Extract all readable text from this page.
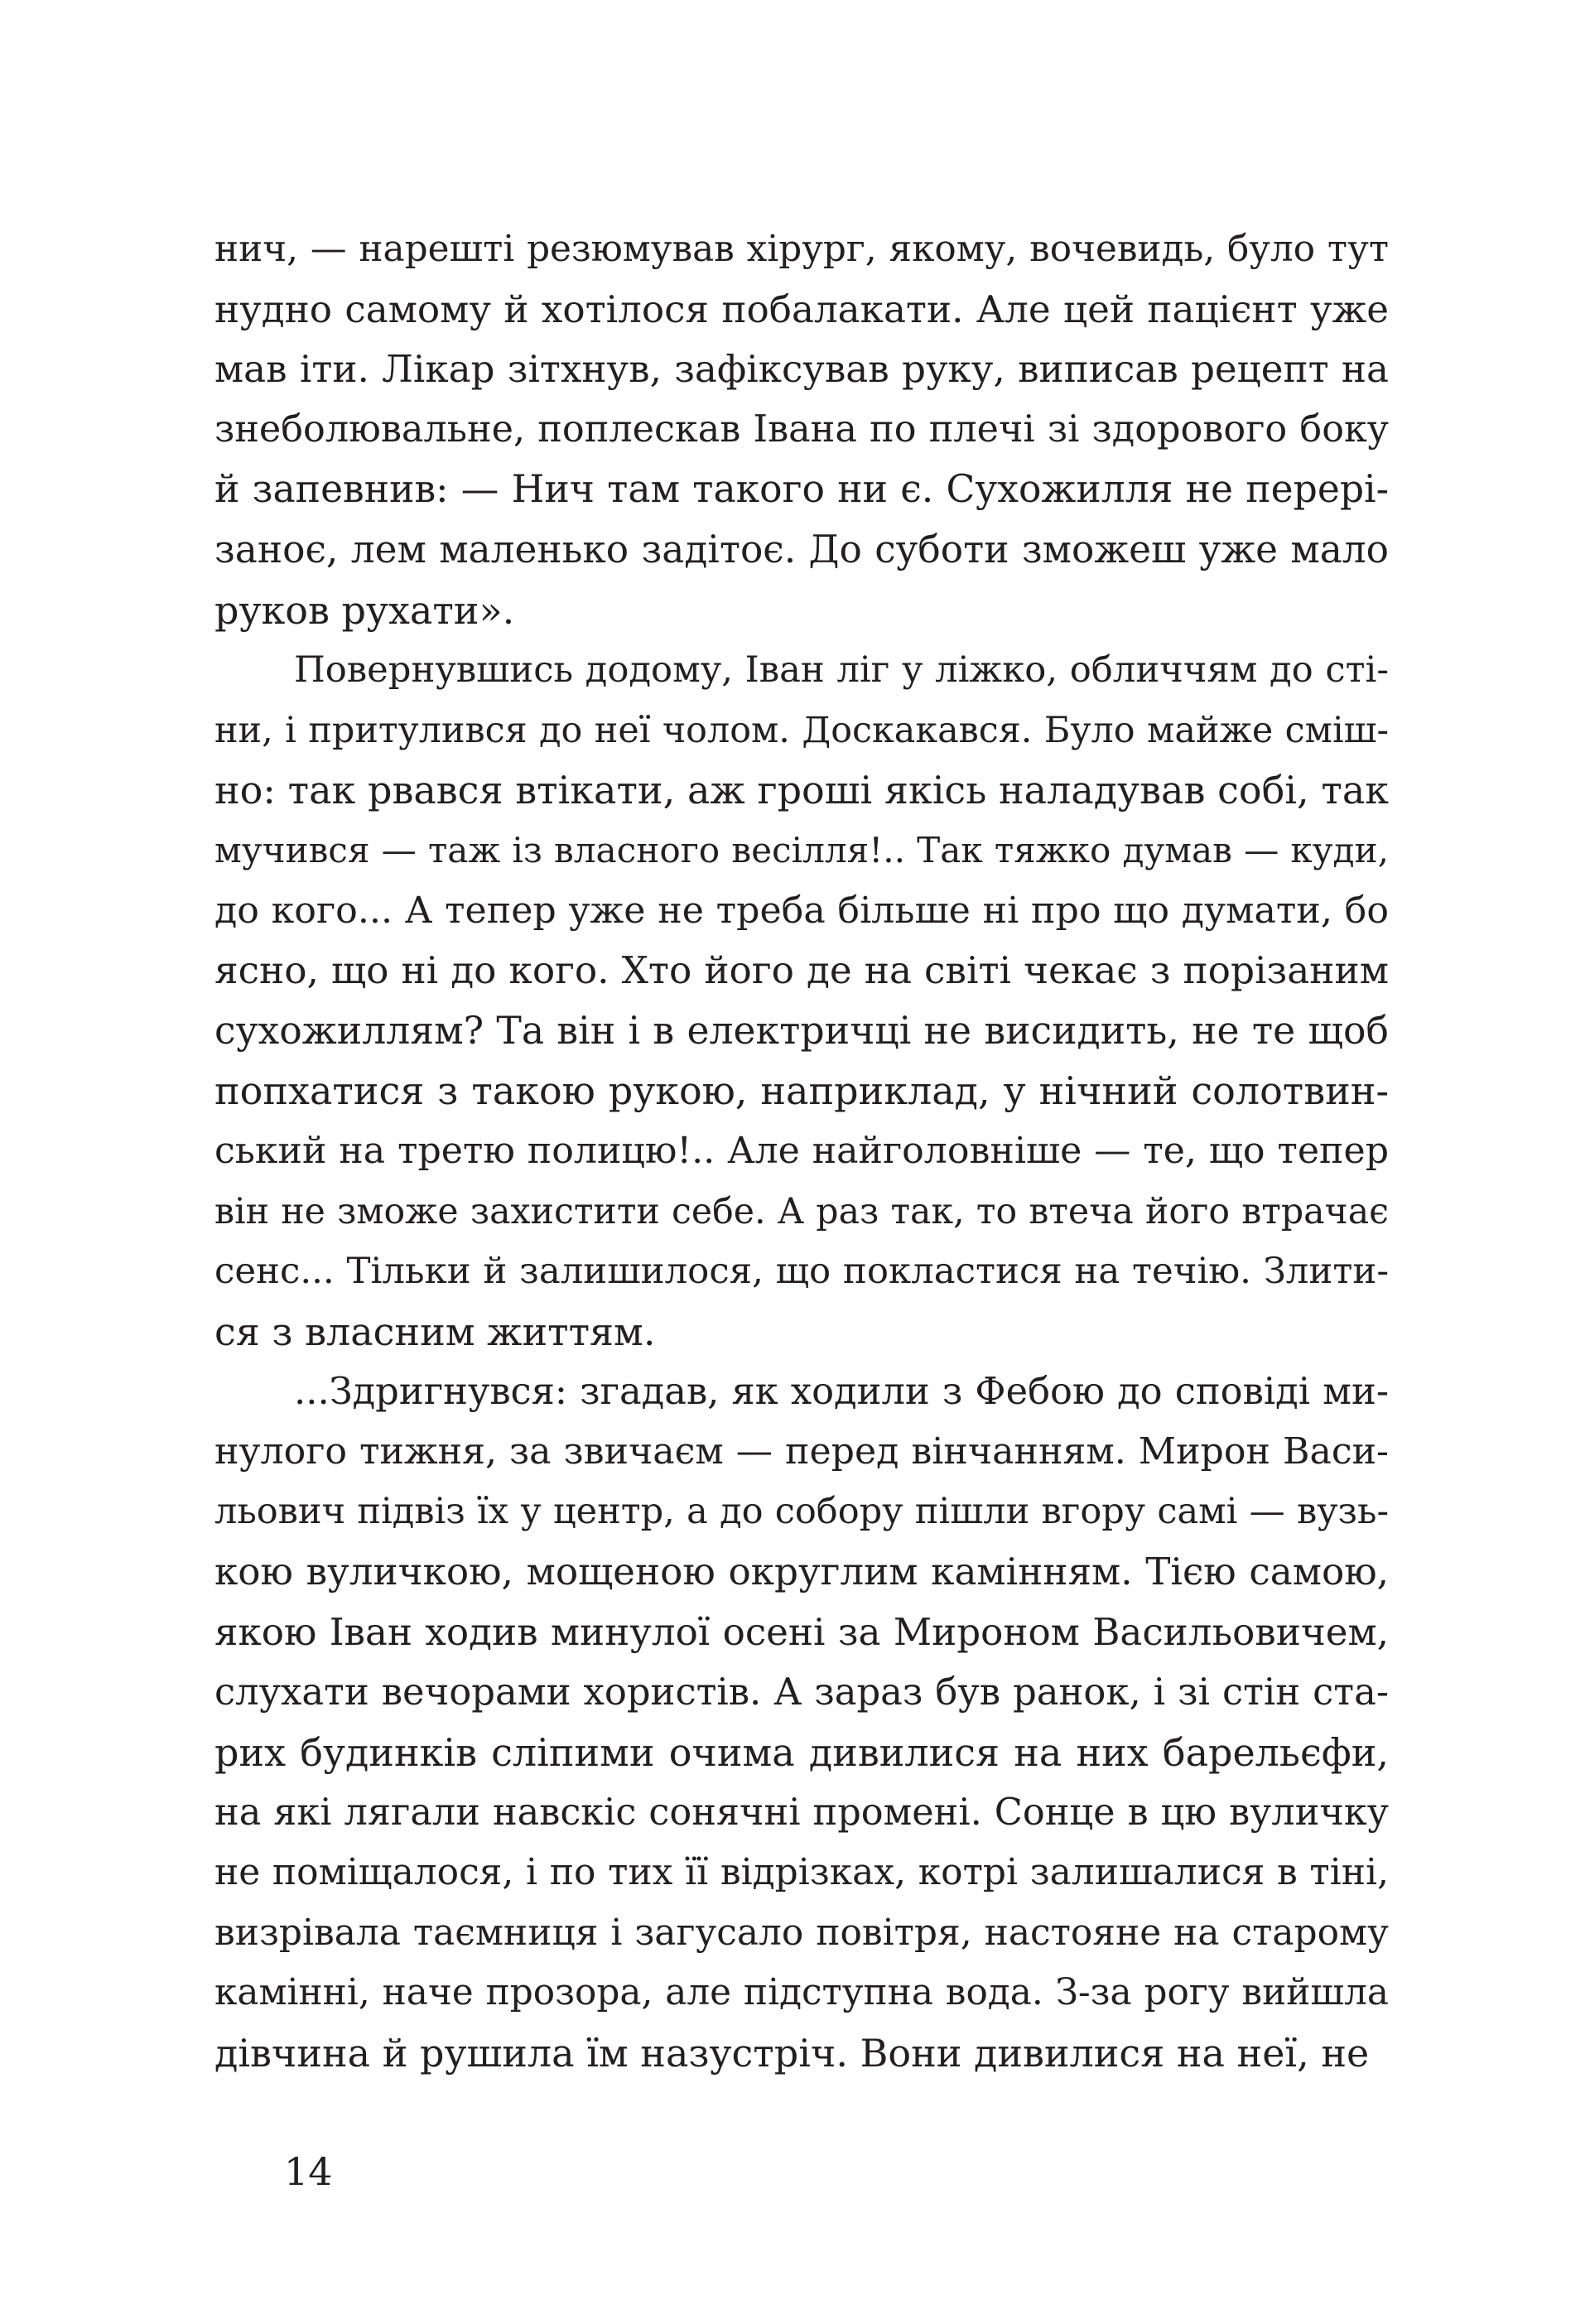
нич, — нарешті резюмував хірург, якому, вочевидь, було тут
нудно самому й хотілося побалакати. Але цей пацієнт уже
мав іти. Лікар зітхнув, зафіксував руку, виписав рецепт на
знеболювальне, поплескав Івана по плечі зі здорового боку
й запевнив: — Нич там такого ни є. Сухожилля не перері-
заноє, лем маленько задітоє. До суботи зможеш уже мало
руков рухати».
Повернувшись додому, Іван ліг у ліжко, обличчям до сті-
ни, і притулився до неї чолом. Доскакався. Було майже сміш-
но: так рвався втікати, аж гроші якісь наладував собі, так
мучився — таж із власного весілля!.. Так тяжко думав — куди,
до кого... А тепер уже не треба більше ні про що думати, бо
ясно, що ні до кого. Хто його де на світі чекає з порізаним
сухожиллям? Та він і в електричці не висидить, не те щоб
попхатися з такою рукою, наприклад, у нічний солотвин-
ський на третю полицю!.. Але найголовніше — те, що тепер
він не зможе захистити себе. А раз так, то втеча його втрачає
сенс... Тільки й залишилося, що покластися на течію. Злити-
ся з власним життям.
...Здригнувся: згадав, як ходили з Фебою до сповіді ми-
нулого тижня, за звичаєм — перед вінчанням. Мирон Васи-
льович підвіз їх у центр, а до собору пішли вгору самі — вузь-
кою вуличкою, мощеною округлим камінням. Тією самою,
якою Іван ходив минулої осені за Мироном Васильовичем,
слухати вечорами хористів. А зараз був ранок, і зі стін ста-
рих будинків сліпими очима дивилися на них барельєфи,
на які лягали навскіс сонячні промені. Сонце в цю вуличку
не поміщалося, і по тих її відрізках, котрі залишалися в тіні,
визрівала таємниця і загусало повітря, настояне на старому
камінні, наче прозора, але підступна вода. З-за рогу вийшла
дівчина й рушила їм назустріч. Вони дивилися на неї, не
14
